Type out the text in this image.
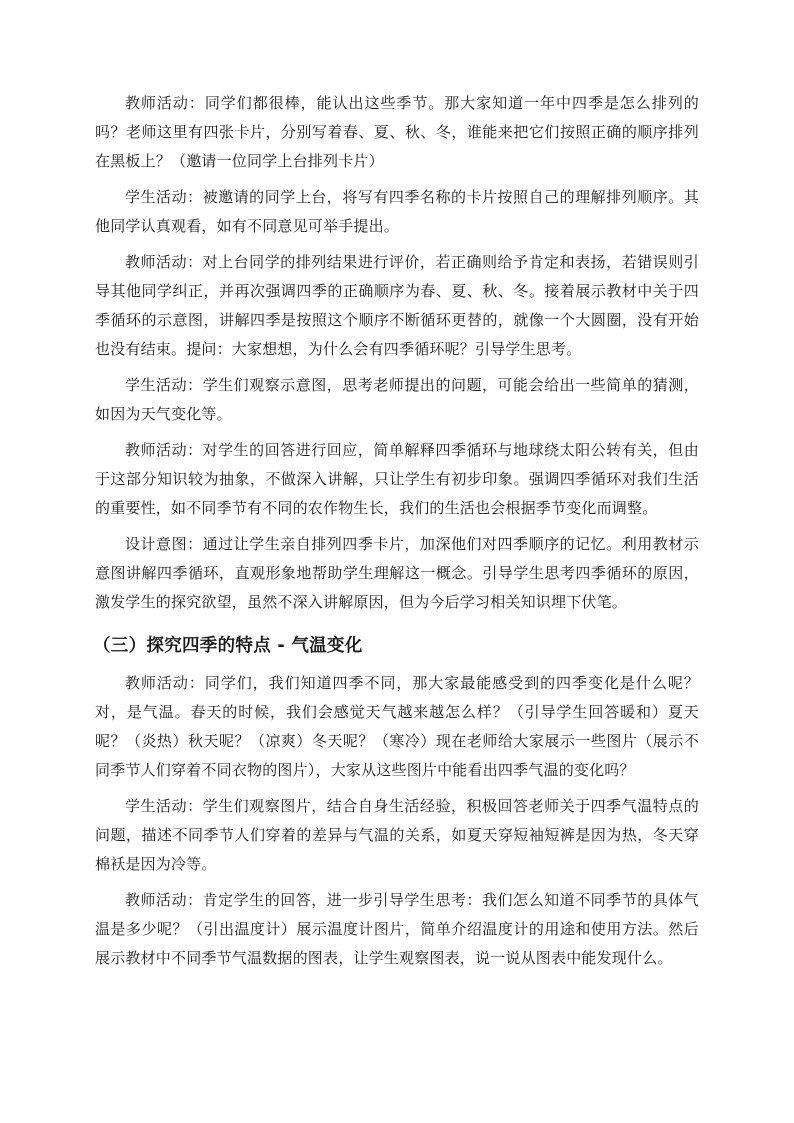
教师活动：同学们都很棒，能认出这些季节。那大家知道一年中四季是怎么排列的吗？老师这里有四张卡片，分别写着春、夏、秋、冬，谁能来把它们按照正确的顺序排列在黑板上？（邀请一位同学上台排列卡片）

学生活动：被邀请的同学上台，将写有四季名称的卡片按照自己的理解排列顺序。其他同学认真观看，如有不同意见可举手提出。

教师活动：对上台同学的排列结果进行评价，若正确则给予肯定和表扬，若错误则引导其他同学纠正，并再次强调四季的正确顺序为春、夏、秋、冬。接着展示教材中关于四季循环的示意图，讲解四季是按照这个顺序不断循环更替的，就像一个大圆圈，没有开始也没有结束。提问：大家想想，为什么会有四季循环呢？引导学生思考。

学生活动：学生们观察示意图，思考老师提出的问题，可能会给出一些简单的猜测，如因为天气变化等。

教师活动：对学生的回答进行回应，简单解释四季循环与地球绕太阳公转有关，但由于这部分知识较为抽象，不做深入讲解，只让学生有初步印象。强调四季循环对我们生活的重要性，如不同季节有不同的农作物生长，我们的生活也会根据季节变化而调整。

设计意图：通过让学生亲自排列四季卡片，加深他们对四季顺序的记忆。利用教材示意图讲解四季循环，直观形象地帮助学生理解这一概念。引导学生思考四季循环的原因，激发学生的探究欲望，虽然不深入讲解原因，但为今后学习相关知识埋下伏笔。

（三）探究四季的特点 - 气温变化

教师活动：同学们，我们知道四季不同，那大家最能感受到的四季变化是什么呢？对，是气温。春天的时候，我们会感觉天气越来越怎么样？（引导学生回答暖和）夏天呢？（炎热）秋天呢？（凉爽）冬天呢？（寒冷）现在老师给大家展示一些图片（展示不同季节人们穿着不同衣物的图片），大家从这些图片中能看出四季气温的变化吗？

学生活动：学生们观察图片，结合自身生活经验，积极回答老师关于四季气温特点的问题，描述不同季节人们穿着的差异与气温的关系，如夏天穿短袖短裤是因为热，冬天穿棉袄是因为冷等。

教师活动：肯定学生的回答，进一步引导学生思考：我们怎么知道不同季节的具体气温是多少呢？（引出温度计）展示温度计图片，简单介绍温度计的用途和使用方法。然后展示教材中不同季节气温数据的图表，让学生观察图表，说一说从图表中能发现什么。
